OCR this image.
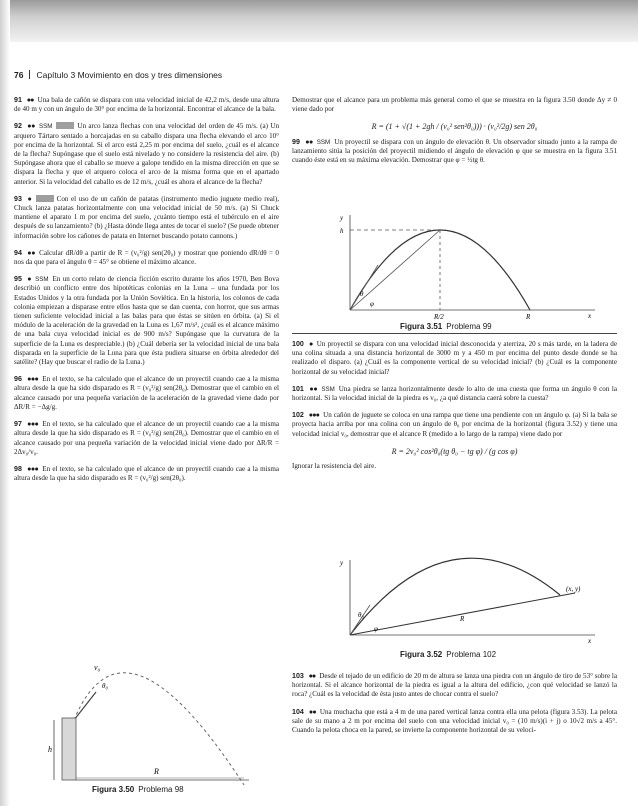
76 Capítulo 3 Movimiento en dos y tres dimensiones
91 ●● Una bala de cañón se dispara con una velocidad inicial de 42,2 m/s, desde una altura de 40 m y con un ángulo de 30° por encima de la horizontal. Encontrar el alcance de la bala.
92 ●● SSM	Un arco lanza flechas con una velocidad del orden de 45 m/s. (a) Un arquero Tártaro sentado a horcajadas en su caballo dispara una flecha elevando el arco 10° por encima de la horizontal. Si el arco está 2,25 m por encima del suelo, ¿cuál es el alcance de la flecha? Supóngase que el suelo está nivelado y no considere la resistencia del aire. (b) Supóngase ahora que el caballo se mueve a galope tendido en la misma dirección en que se dispara la flecha y que el arquero coloca el arco de la misma forma que en el apartado anterior. Si la velocidad del caballo es de 12 m/s, ¿cuál es ahora el alcance de la flecha?
93 ●	Con el uso de un cañón de patatas (instrumento medio juguete medio real), Chuck lanza patatas horizontalmente con una velocidad inicial de 50 m/s. (a) Si Chuck mantiene el aparato 1 m por encima del suelo, ¿cuánto tiempo está el tubérculo en el aire después de su lanzamiento? (b) ¿Hasta dónde llega antes de tocar el suelo? (Se puede obtener información sobre los cañones de patata en Internet buscando potato cannons.)
94 ●● Calcular dR/dθ a partir de R = (v₀²/g) sen(2θ₀) y mostrar que poniendo dR/dθ = 0 nos da que para el ángulo θ = 45° se obtiene el máximo alcance.
95 ● SSM En un corto relato de ciencia ficción escrito durante los años 1970, Ben Bova describió un conflicto entre dos hipotéticas colonias en la Luna – una fundada por los Estados Unidos y la otra fundada por la Unión Soviética. En la historia, los colonos de cada colonia empiezan a disparase entre ellos hasta que se dan cuenta, con horror, que sus armas tienen suficiente velocidad inicial a las balas para que éstas se sitúen en órbita. (a) Si el módulo de la aceleración de la gravedad en la Luna es 1,67 m/s², ¿cuál es el alcance máximo de una bala cuya velocidad inicial es de 900 m/s? Supóngase que la curvatura de la superficie de la Luna es despreciable.) (b) ¿Cuál debería ser la velocidad inicial de una bala disparada en la superficie de la Luna para que ésta pudiera situarse en órbita alrededor del satélite? (Hay que buscar el radio de la Luna.)
96 ●●● En el texto, se ha calculado que el alcance de un proyectil cuando cae a la misma altura desde la que ha sido disparado es R = (v₀²/g) sen(2θ₀). Demostrar que el cambio en el alcance causado por una pequeña variación de la aceleración de la gravedad viene dado por ΔR/R = −Δg/g.
97 ●●● En el texto, se ha calculado que el alcance de un proyectil cuando cae a la misma altura desde la que ha sido disparado es R = (v₀²/g) sen(2θ₀). Demostrar que el cambio en el alcance causado por una pequeña variación de la velocidad inicial viene dado por ΔR/R = 2Δv₀/v₀.
98 ●●● En el texto, se ha calculado que el alcance de un proyectil cuando cae a la misma altura desde la que ha sido disparado es R = (v₀²/g) sen(2θ₀).
h
R
v₀
θ₀
Figura 3.50 Problema 98
Demostrar que el alcance para un problema más general como el que se muestra en la figura 3.50 donde Δy ≠ 0 viene dado por
R = (1 + √(1 + 2gh / (v₀² sen²θ₀))) · (v₀²/2g) sen 2θ₀
99 ●● SSM Un proyectil se dispara con un ángulo de elevación θ. Un observador situado junto a la rampa de lanzamiento sitúa la posición del proyectil midiendo el ángulo de elevación φ que se muestra en la figura 3.51 cuando éste está en su máxima elevación. Demostrar que φ = ½tg θ.
y
x
h
R/2	R
θ
φ
Figura 3.51 Problema 99
100 ● Un proyectil se dispara con una velocidad inicial desconocida y aterriza, 20 s más tarde, en la ladera de una colina situada a una distancia horizontal de 3000 m y a 450 m por encima del punto desde donde se ha realizado el disparo. (a) ¿Cuál es la componente vertical de su velocidad inicial? (b) ¿Cuál es la componente horizontal de su velocidad inicial?
101 ●● SSM Una piedra se lanza horizontalmente desde lo alto de una cuesta que forma un ángulo θ con la horizontal. Si la velocidad inicial de la piedra es v₀, ¿a qué distancia caerá sobre la cuesta?
102 ●●● Un cañón de juguete se coloca en una rampa que tiene una pendiente con un ángulo φ. (a) Si la bala se proyecta hacia arriba por una colina con un ángulo de θ₀ por encima de la horizontal (figura 3.52) y tiene una velocidad inicial v₀, demostrar que el alcance R (medido a lo largo de la rampa) viene dado por
R = 2v₀² cos²θ₀(tg θ₀ − tg φ) / (g cos φ)
Ignorar la resistencia del aire.
y
x
(x, y)
R
θ₀
φ
Figura 3.52 Problema 102
103 ●● Desde el tejado de un edificio de 20 m de altura se lanza una piedra con un ángulo de tiro de 53° sobre la horizontal. Si el alcance horizontal de la piedra es igual a la altura del edificio, ¿con qué velocidad se lanzó la roca? ¿Cuál es la velocidad de ésta justo antes de chocar contra el suelo?
104 ●● Una muchacha que está a 4 m de una pared vertical lanza contra ella una pelota (figura 3.53). La pelota sale de su mano a 2 m por encima del suelo con una velocidad inicial v₀ = (10 m/s)(i + j) o 10√2 m/s a 45°. Cuando la pelota choca en la pared, se invierte la componente horizontal de su veloci-
